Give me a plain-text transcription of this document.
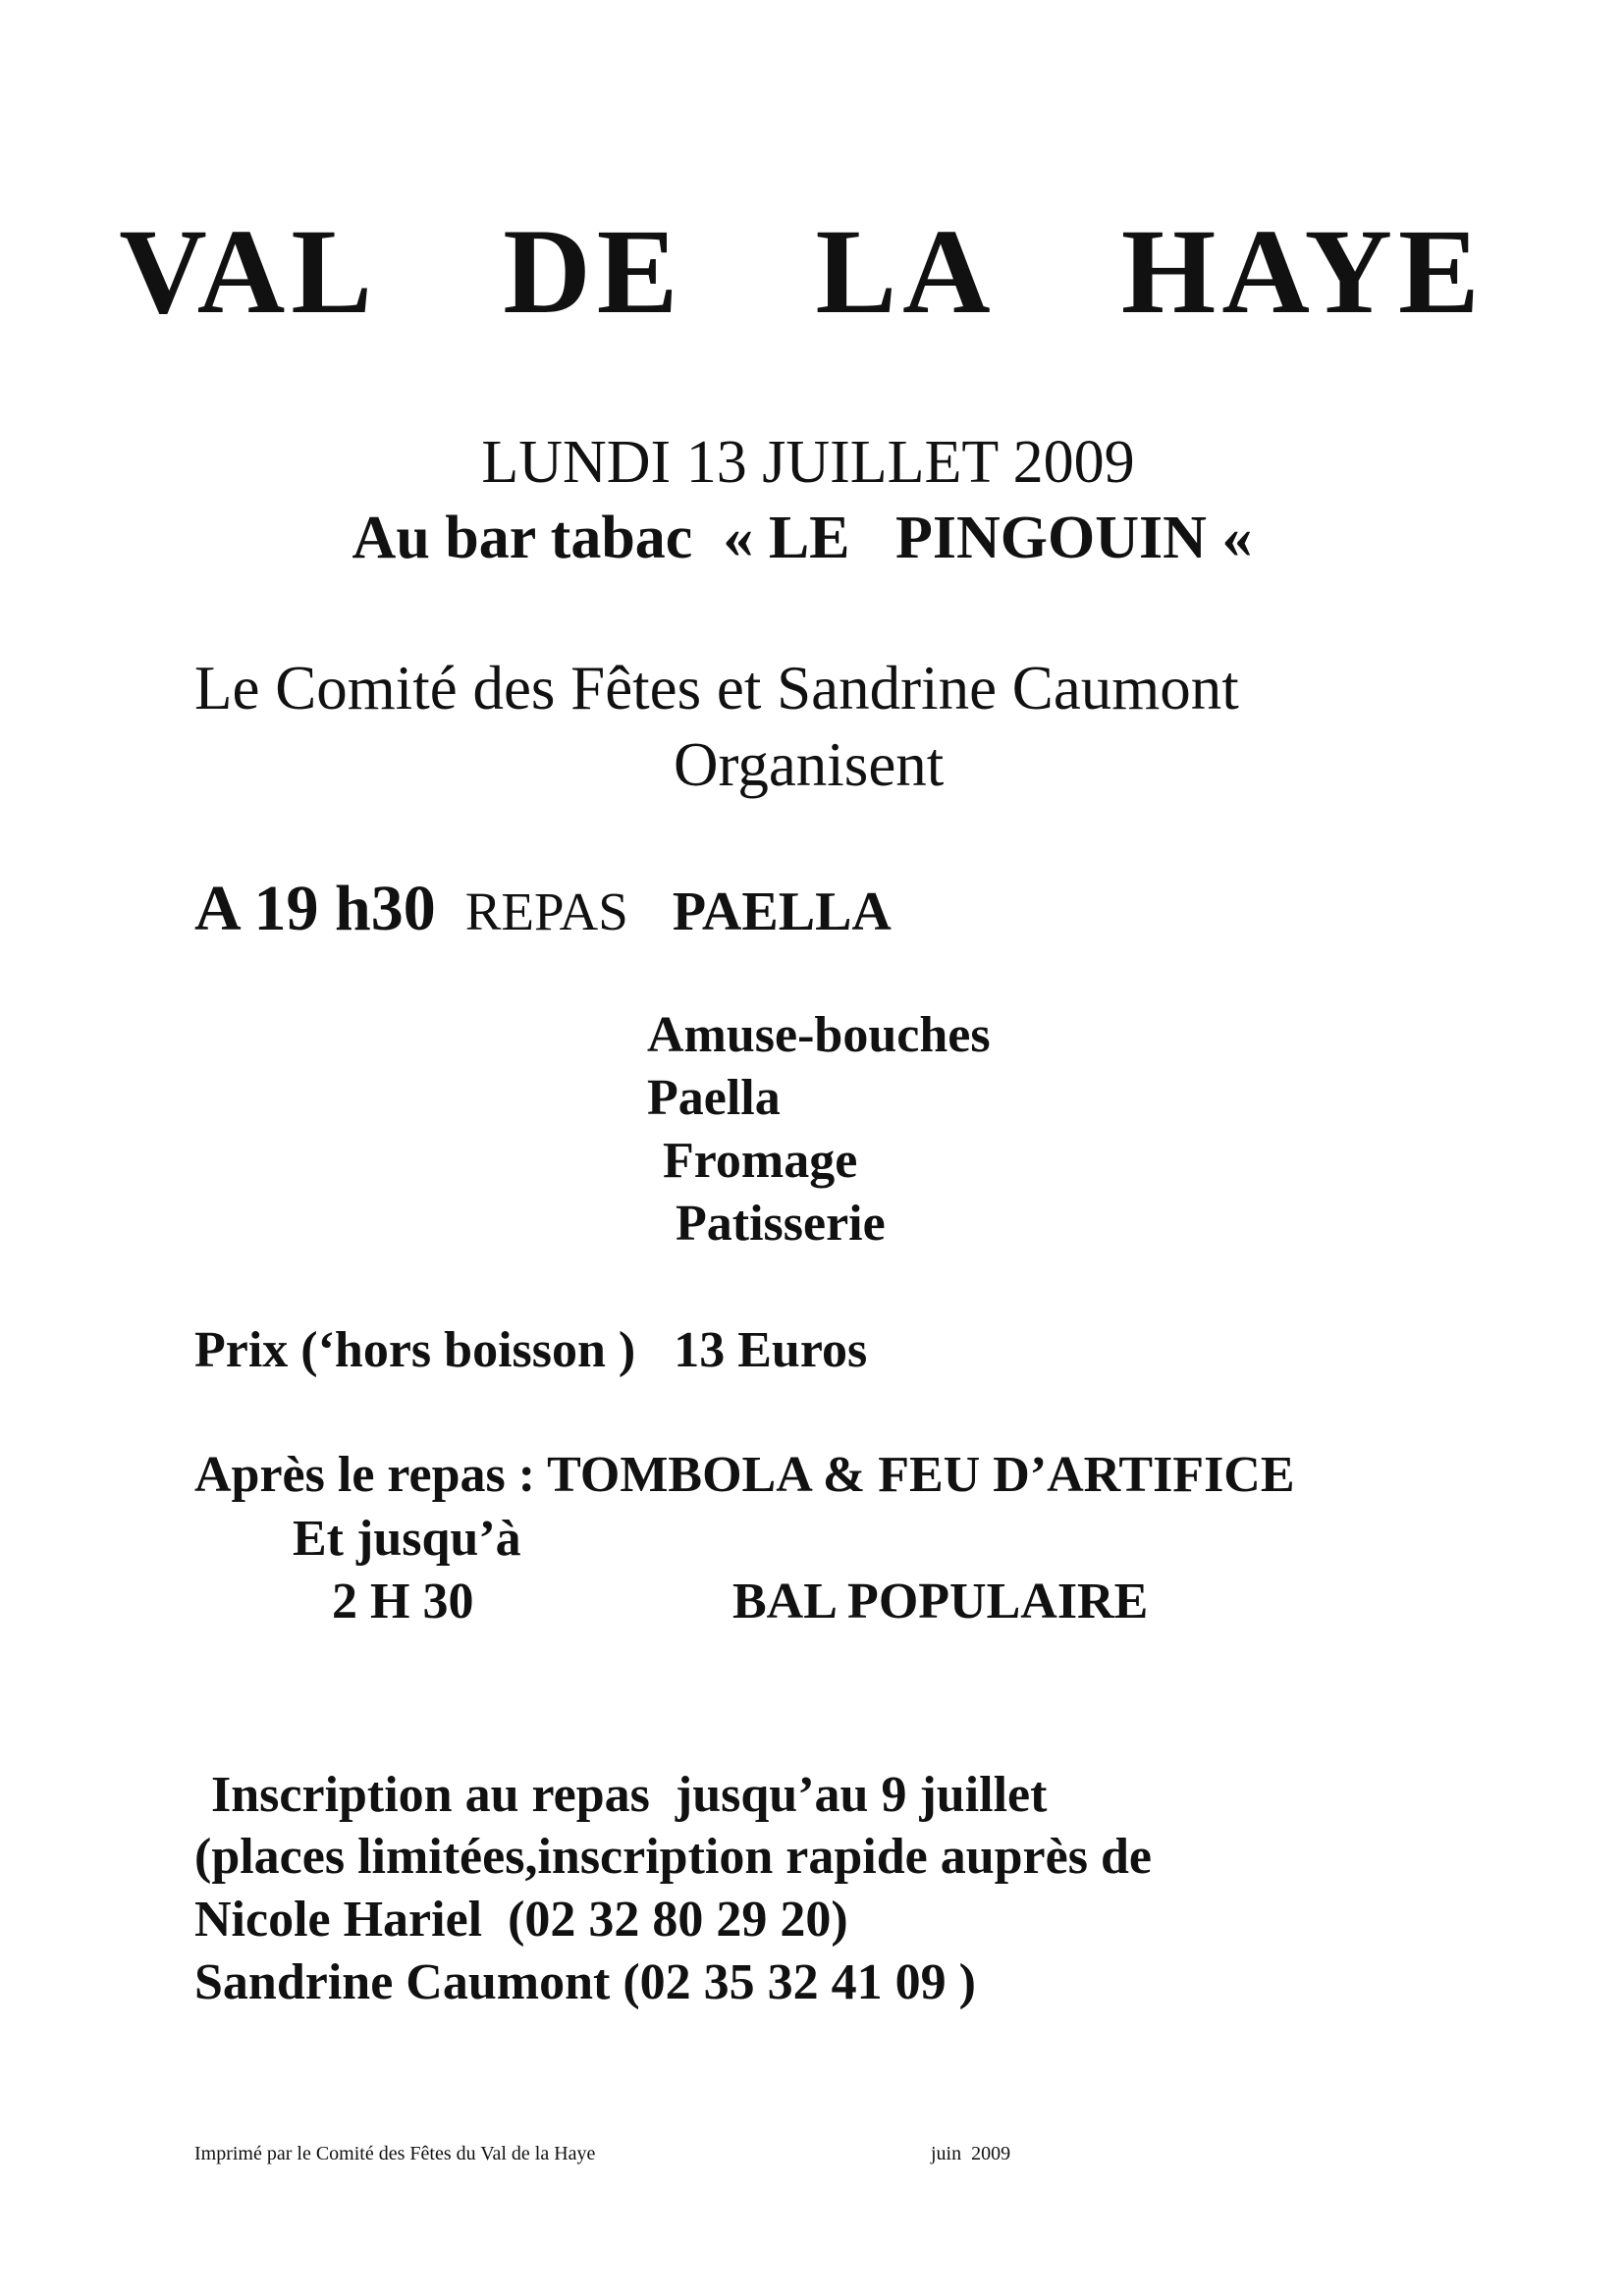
VAL  DE  LA  HAYE
LUNDI 13 JUILLET 2009
Au bar tabac  « LE   PINGOUIN «
Le Comité des Fêtes et Sandrine Caumont
Organisent
A 19 h30 REPAS PAELLA
Amuse-bouches
Paella
Fromage
Patisserie
Prix (‘hors boisson )   13 Euros
Après le repas : TOMBOLA & FEU D’ARTIFICE
Et jusqu’à
2 H 30	BAL POPULAIRE
Inscription au repas  jusqu’au 9 juillet
(places limitées,inscription rapide auprès de
Nicole Hariel  (02 32 80 29 20)
Sandrine Caumont (02 35 32 41 09 )
Imprimé par le Comité des Fêtes du Val de la Haye	juin  2009
